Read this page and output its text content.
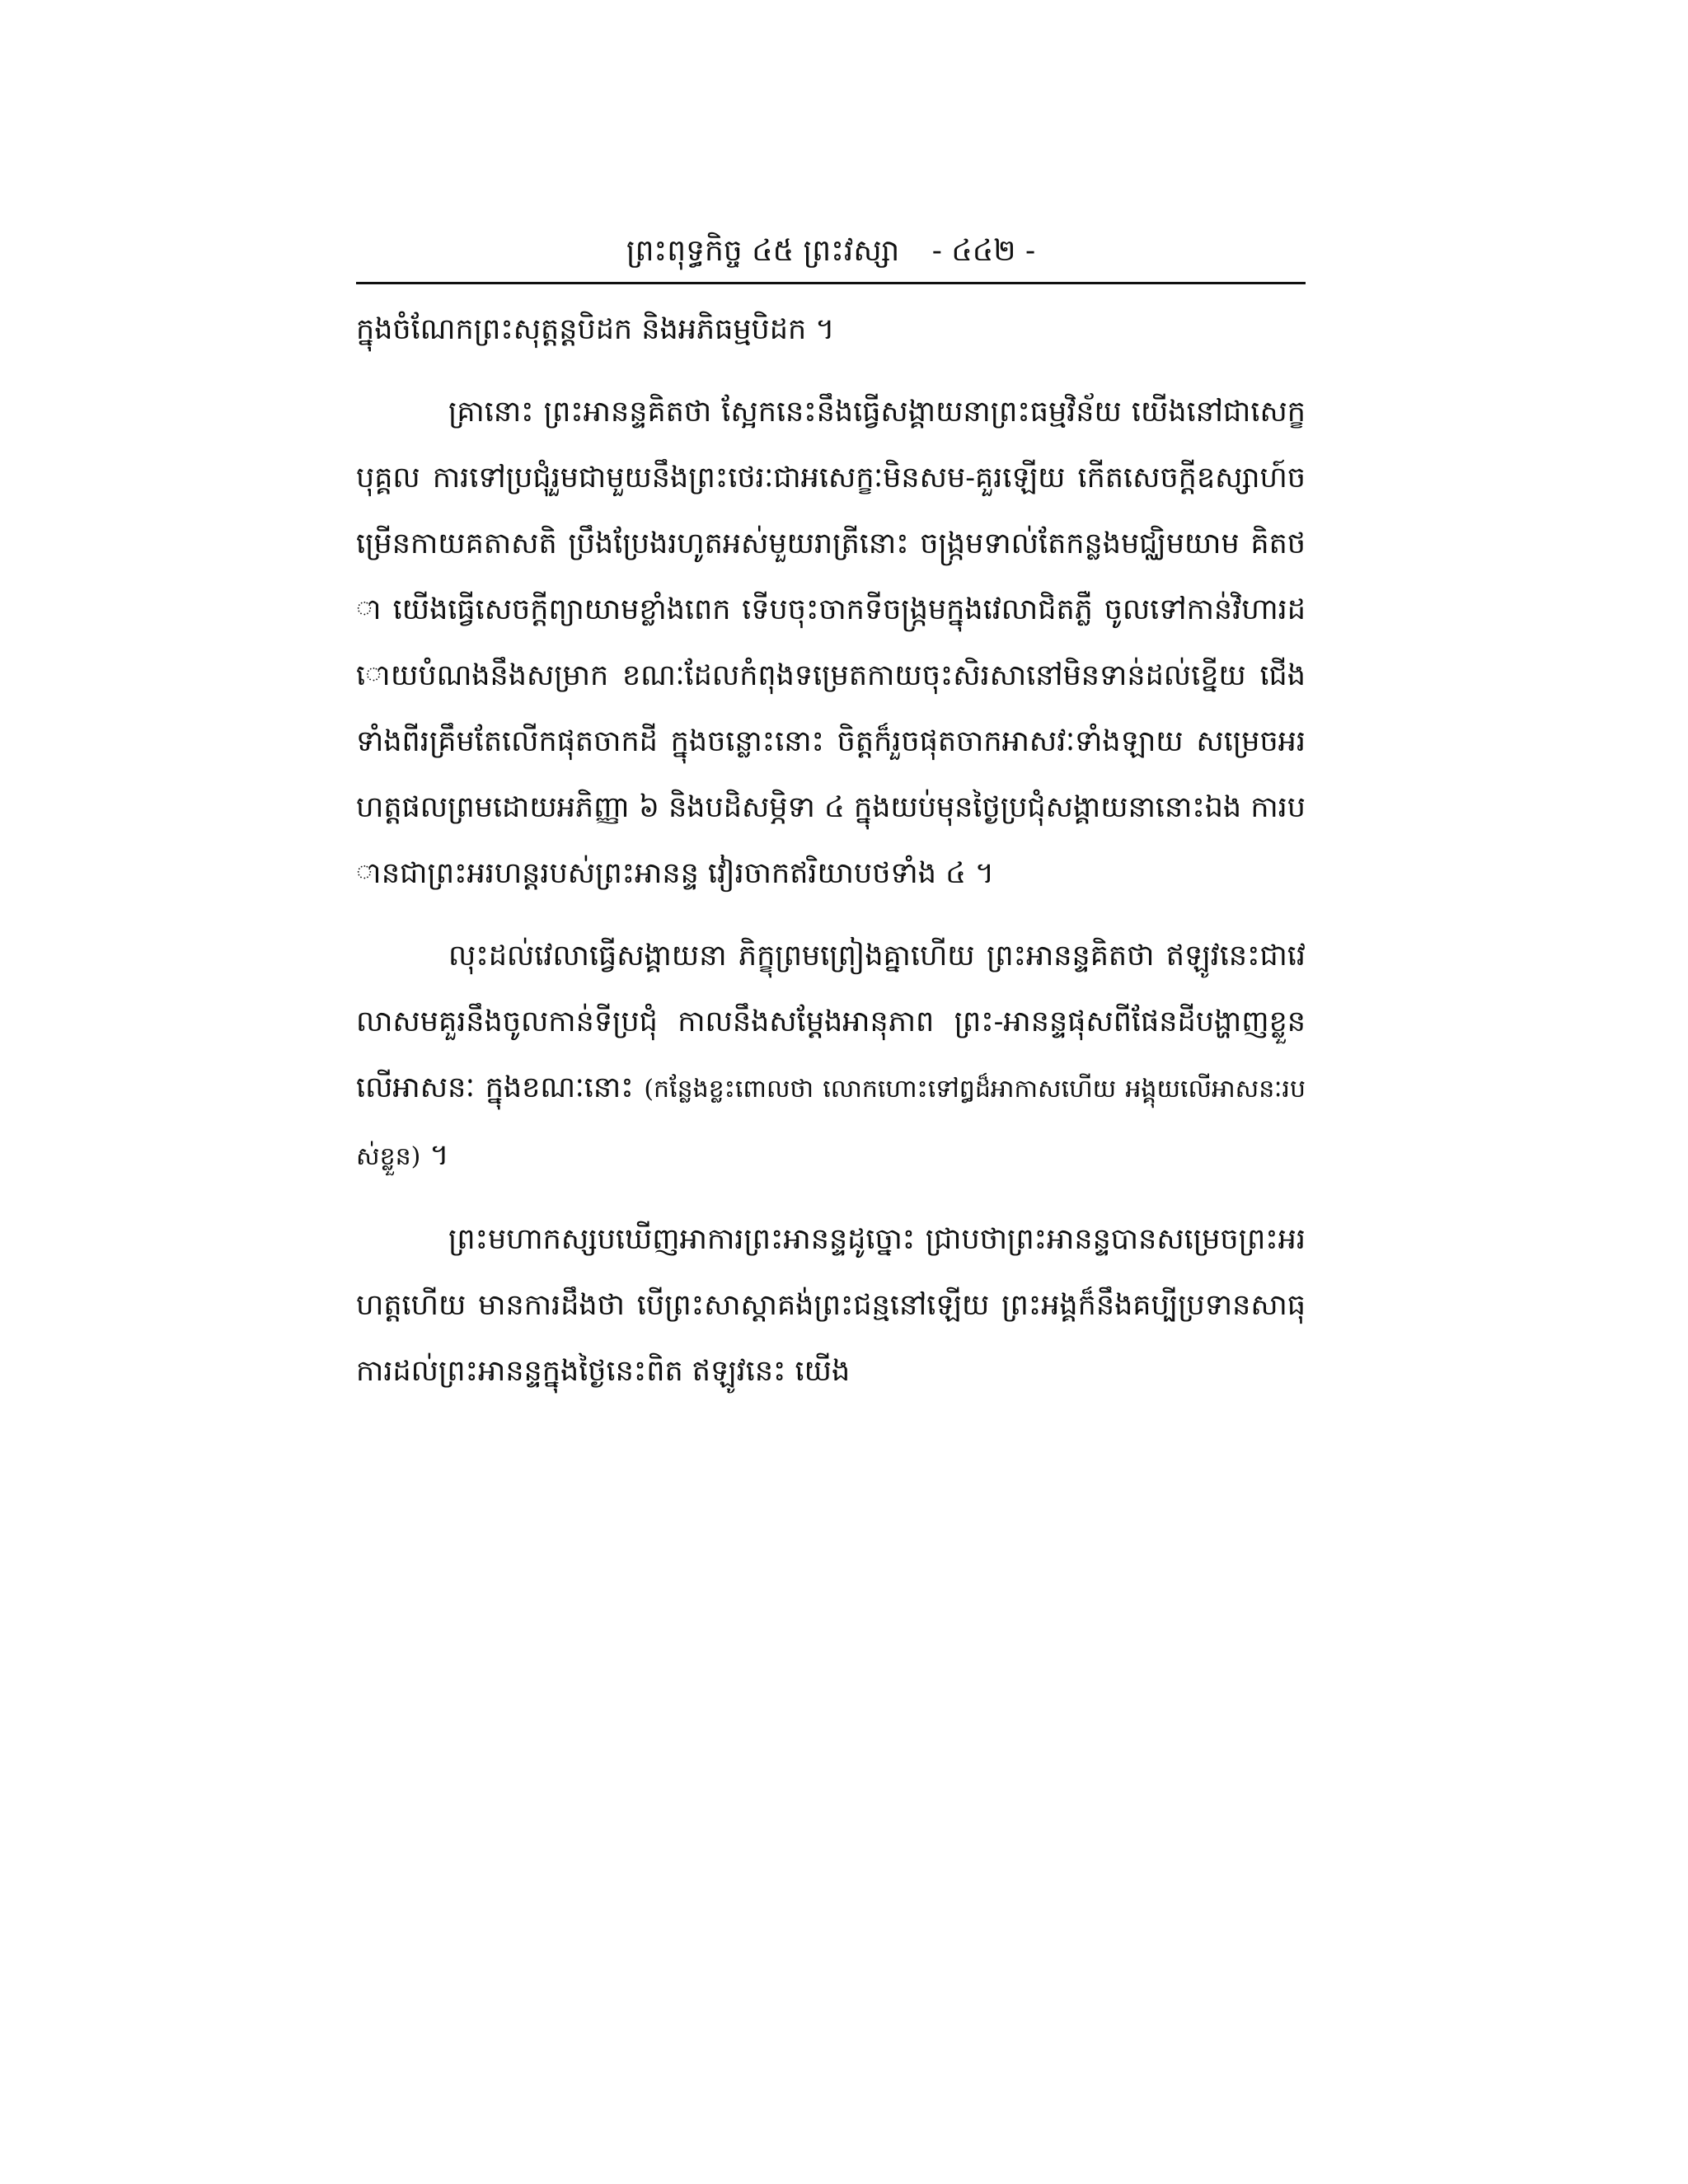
ព្រះពុទ្ធកិច្ច ៤៥ ព្រះវស្សា - ៤៤២ -

ក្នុងចំណែកព្រះសុត្តន្តបិដក និងអភិធម្មបិដក ។

គ្រានោះ ព្រះអានន្ទគិតថា ស្អែកនេះនឹងធ្វើសង្គាយនាព្រះធម្មវិន័យ យើងនៅជាសេក្ខបុគ្គល ការទៅប្រជុំរួមជាមួយនឹងព្រះថេរៈជាអសេក្ខៈមិនសម-គួរឡើយ កើតសេចក្តីឧស្សាហ៍ចម្រើនកាយគតាសតិ ប្រឹងប្រែងរហូតអស់មួយរាត្រីនោះ ចង្ក្រមទាល់តែកន្លងមជ្ឈិមយាម គិតថា យើងធ្វើសេចក្តីព្យាយាមខ្លាំងពេក ទើបចុះចាកទីចង្ក្រមក្នុងវេលាជិតភ្លឺ ចូលទៅកាន់វិហារដោយបំណងនឹងសម្រាក ខណៈដែលកំពុងទម្រេតកាយចុះសិរសានៅមិនទាន់ដល់ខ្នើយ ជើងទាំងពីរគ្រឹមតែលើកផុតចាកដី ក្នុងចន្លោះនោះ ចិត្តក៏រួចផុតចាកអាសវៈទាំងឡាយ សម្រេចអរហត្តផលព្រមដោយអភិញ្ញា ៦ និងបដិសម្ភិទា ៤ ក្នុងយប់មុនថ្ងៃប្រជុំសង្គាយនានោះឯង ការបានជាព្រះអរហន្តរបស់ព្រះអានន្ទ វៀរចាកឥរិយាបថទាំង ៤ ។

លុះដល់វេលាធ្វើសង្គាយនា ភិក្ខុព្រមព្រៀងគ្នាហើយ ព្រះអានន្ទគិតថា ឥឡូវនេះជាវេលាសមគួរនឹងចូលកាន់ទីប្រជុំ កាលនឹងសម្តែងអានុភាព ព្រះ-អានន្ទផុសពីផែនដីបង្ហាញខ្លួនលើអាសនៈ ក្នុងខណៈនោះ (កន្លែងខ្លះពោលថា លោកហោះទៅឰដ៏អាកាសហើយ អង្គុយលើអាសនៈរបស់ខ្លួន) ។

ព្រះមហាកស្សបឃើញអាការព្រះអានន្ទដូច្នោះ ជ្រាបថាព្រះអានន្ទបានសម្រេចព្រះអរហត្តហើយ មានការដឹងថា បើព្រះសាស្តាគង់ព្រះជន្មនៅឡើយ ព្រះអង្គក៏នឹងគប្បីប្រទានសាធុការដល់ព្រះអានន្ទក្នុងថ្ងៃនេះពិត ឥឡូវនេះ យើង
